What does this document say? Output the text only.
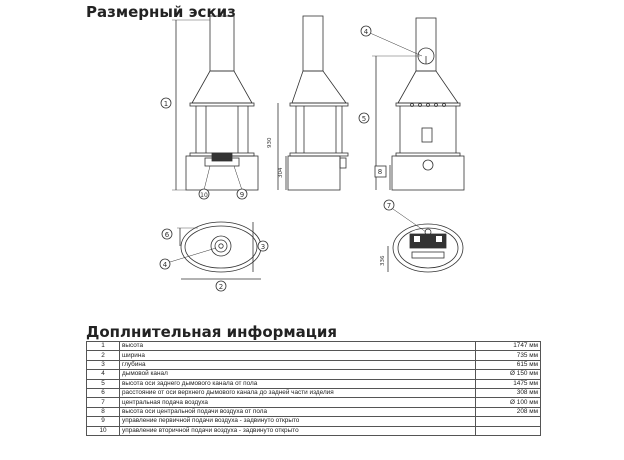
Размерный эскиз
1
10	9
930
304
4
5
8
6
3
2
4
7
336
Доплнительная информация
1	высота	1747 мм
2	ширина	735 мм
3	глубина	615 мм
4	дымовой канал	Ø 150 мм
5	высота оси заднего дымового канала от пола	1475 мм
6	расстояние от оси верхнего дымового канала до задней части изделия	308 мм
7	центральная подача воздуха	Ø 100 мм
8	высота оси центральной подачи воздуха от пола	208 мм
9	управление первичной подачи воздуха - задвинуто открыто	
10	управление вторичной подачи воздуха - задвинуто открыто	
